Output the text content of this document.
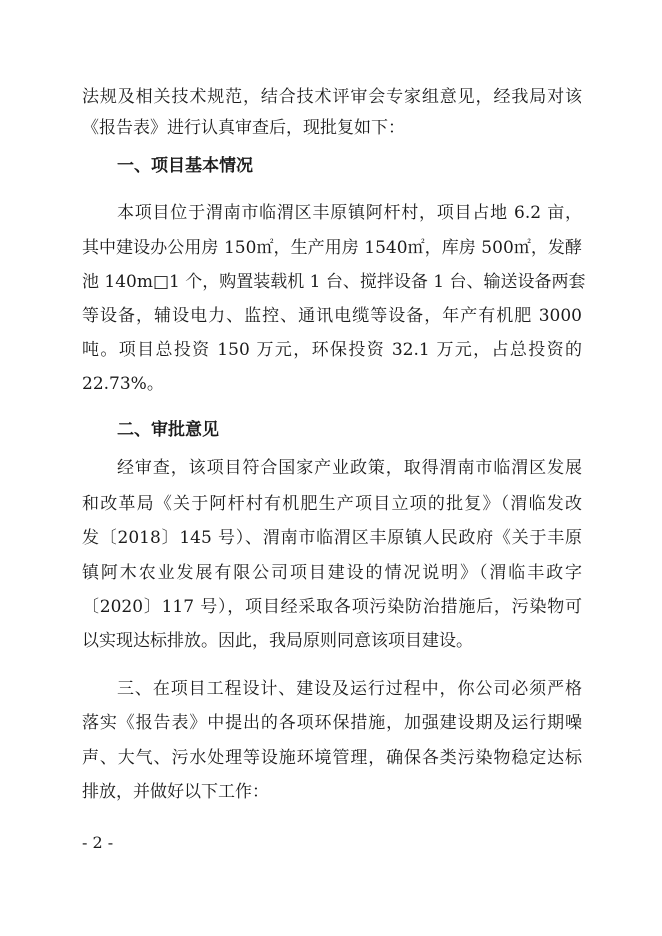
法规及相关技术规范，结合技术评审会专家组意见，经我局对该
《报告表》进行认真审查后，现批复如下：
一、项目基本情况
本项目位于渭南市临渭区丰原镇阿杆村，项目占地 6.2 亩，
其中建设办公用房 150㎡，生产用房 1540㎡，库房 500㎡，发酵
池 140m□1 个，购置装载机 1 台、搅拌设备 1 台、输送设备两套
等设备，辅设电力、监控、通讯电缆等设备，年产有机肥 3000
吨。项目总投资 150 万元，环保投资 32.1 万元，占总投资的
22.73%。
二、审批意见
经审查，该项目符合国家产业政策，取得渭南市临渭区发展
和改革局《关于阿杆村有机肥生产项目立项的批复》（渭临发改
发〔2018〕145 号）、渭南市临渭区丰原镇人民政府《关于丰原
镇阿木农业发展有限公司项目建设的情况说明》（渭临丰政字
〔2020〕117 号），项目经采取各项污染防治措施后，污染物可
以实现达标排放。因此，我局原则同意该项目建设。
三、在项目工程设计、建设及运行过程中，你公司必须严格
落实《报告表》中提出的各项环保措施，加强建设期及运行期噪
声、大气、污水处理等设施环境管理，确保各类污染物稳定达标
排放，并做好以下工作：
- 2 -
